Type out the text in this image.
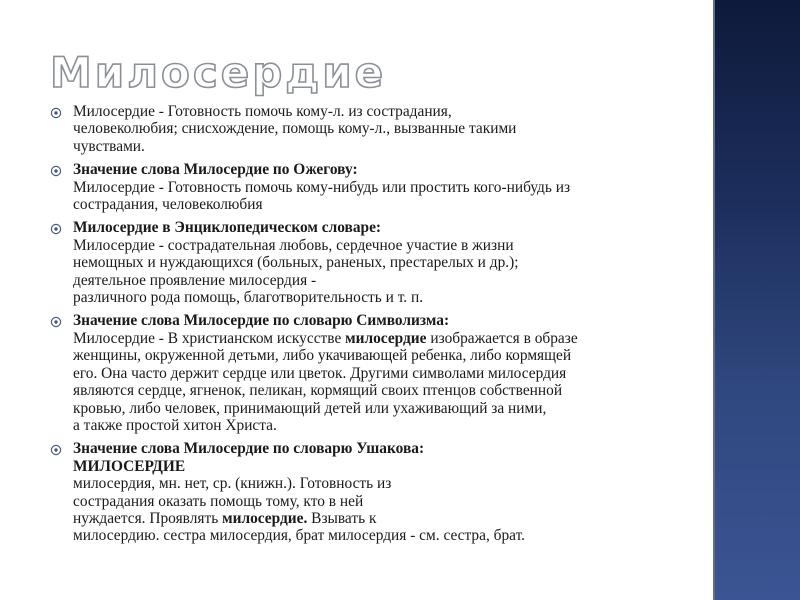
Милосердие
Милосердие - Готовность помочь кому-л. из сострадания,
человеколюбия; снисхождение, помощь кому-л., вызванные такими
чувствами.
Значение слова Милосердие по Ожегову:
Милосердие - Готовность помочь кому-нибудь или простить кого-нибудь из
сострадания, человеколюбия
Милосердие в Энциклопедическом словаре:
Милосердие - сострадательная любовь, сердечное участие в жизни
немощных и нуждающихся (больных, раненых, престарелых и др.);
деятельное проявление милосердия -
различного рода помощь, благотворительность и т. п.
Значение слова Милосердие по словарю Символизма:
Милосердие - В христианском искусстве милосердие изображается в образе
женщины, окруженной детьми, либо укачивающей ребенка, либо кормящей
его. Она часто держит сердце или цветок. Другими символами милосердия
являются сердце, ягненок, пеликан, кормящий своих птенцов собственной
кровью, либо человек, принимающий детей или ухаживающий за ними,
а также простой хитон Христа.
Значение слова Милосердие по словарю Ушакова:
МИЛОСЕРДИЕ
милосердия, мн. нет, ср. (книжн.). Готовность из
сострадания оказать помощь тому, кто в ней
нуждается. Проявлять милосердие. Взывать к
милосердию. сестра милосердия, брат милосердия - см. сестра, брат.
